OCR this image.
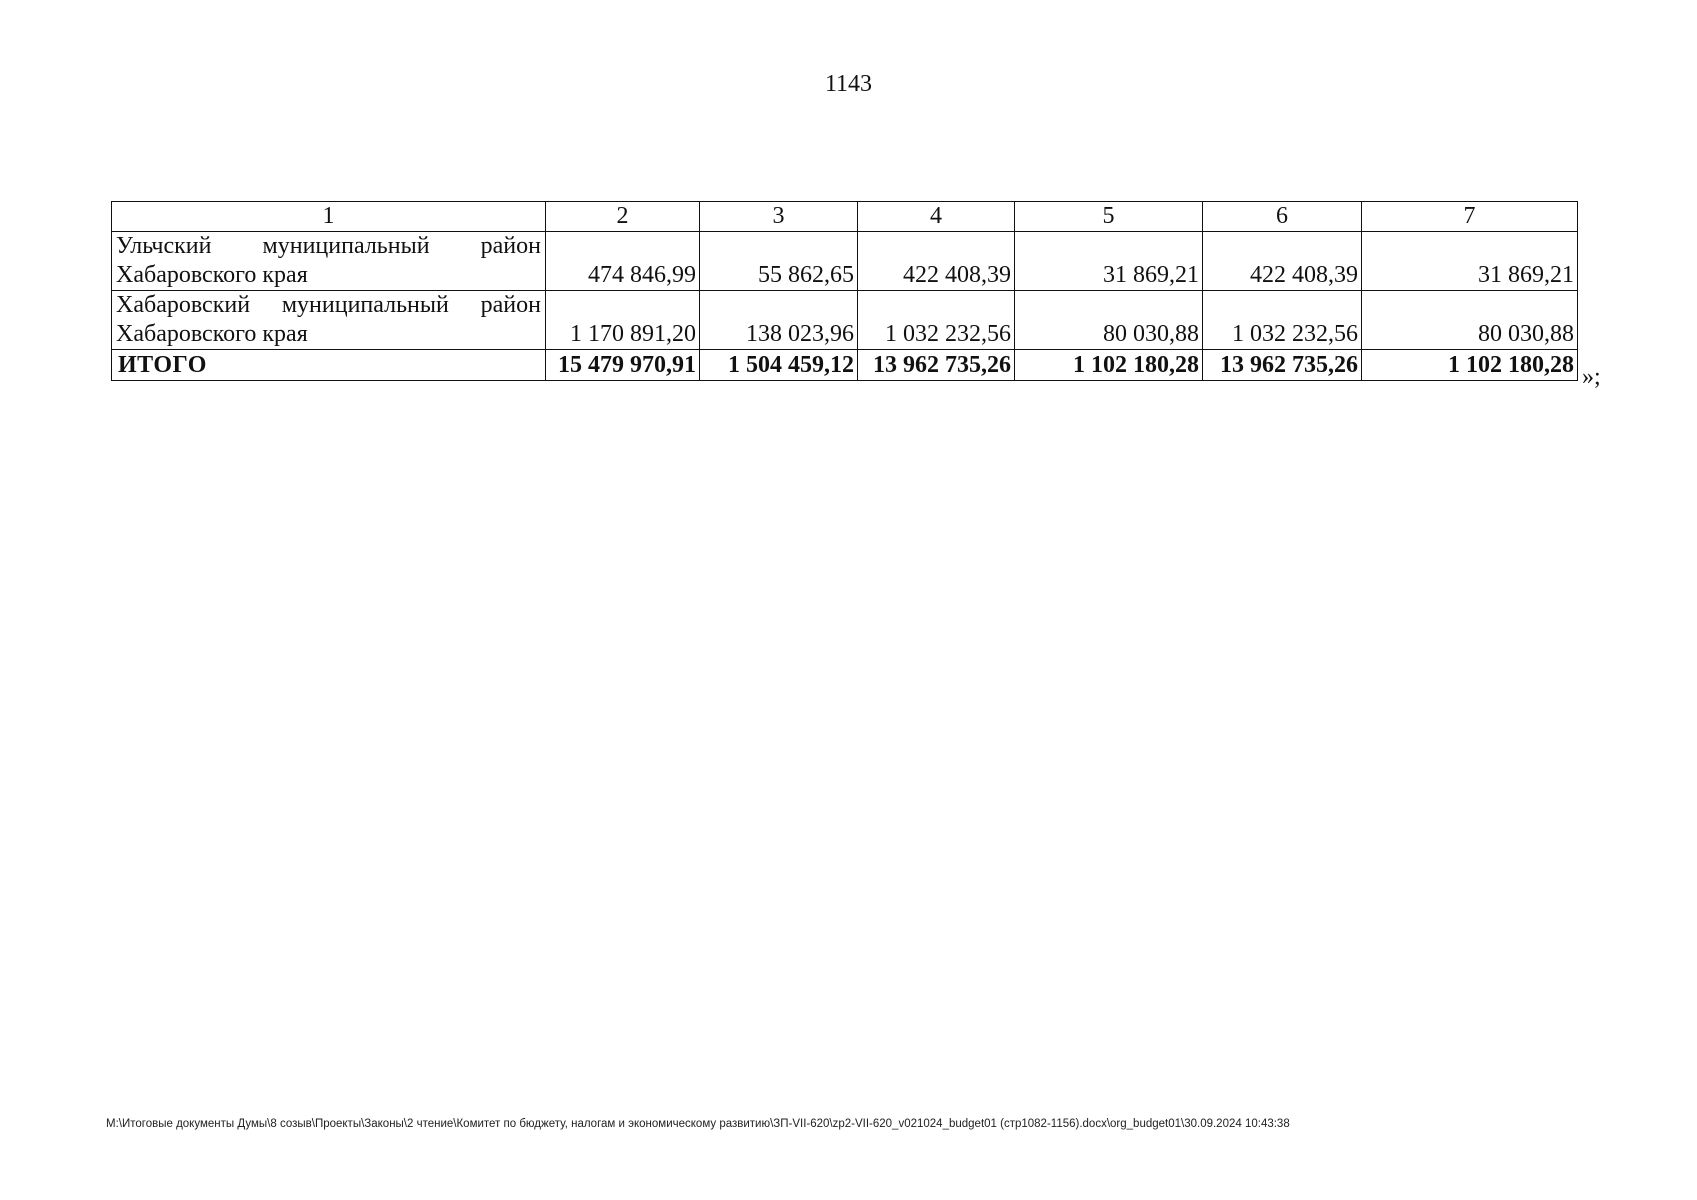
1143
1	2	3	4	5	6	7

Ульчский муниципальный район
Хабаровского края	474 846,99	55 862,65	422 408,39	31 869,21	422 408,39	31 869,21

Хабаровский муниципальный район
Хабаровского края	1 170 891,20	138 023,96	1 032 232,56	80 030,88	1 032 232,56	80 030,88
ИТОГО	15 479 970,91	1 504 459,12	13 962 735,26	1 102 180,28	13 962 735,26	1 102 180,28 »;
M:\Итоговые документы Думы\8 созыв\Проекты\Законы\2 чтение\Комитет по бюджету, налогам и экономическому развитию\ЗП-VII-620\zp2-VII-620_v021024_budget01 (стр1082-1156).docx\org_budget01\30.09.2024 10:43:38
